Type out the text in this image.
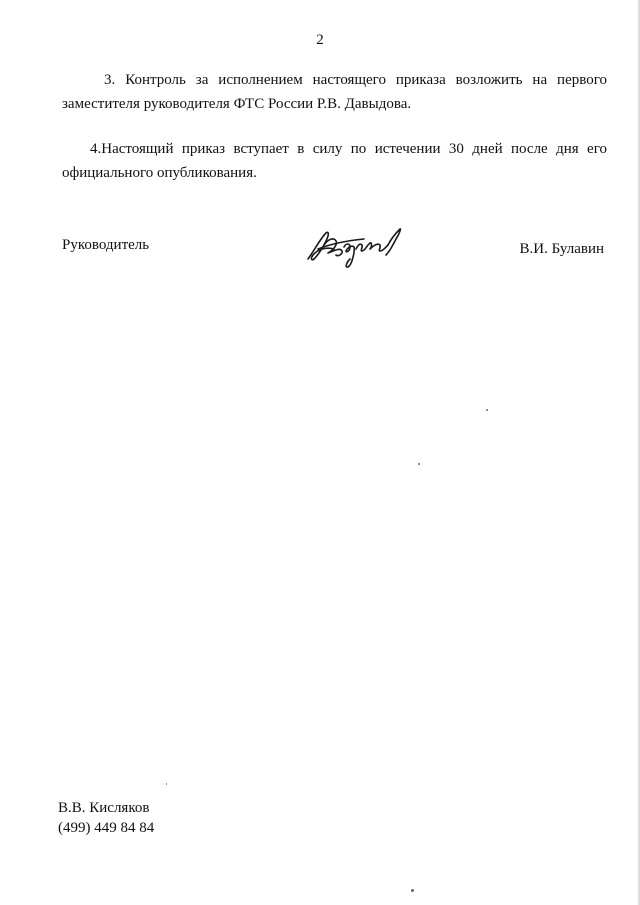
2
3. Контроль за исполнением настоящего приказа возложить на первого
заместителя руководителя ФТС России Р.В. Давыдова.
4.Настоящий приказ вступает в силу по истечении 30 дней после дня его
официального опубликования.
Руководитель	В.И. Булавин
В.В. Кисляков
(499) 449 84 84
